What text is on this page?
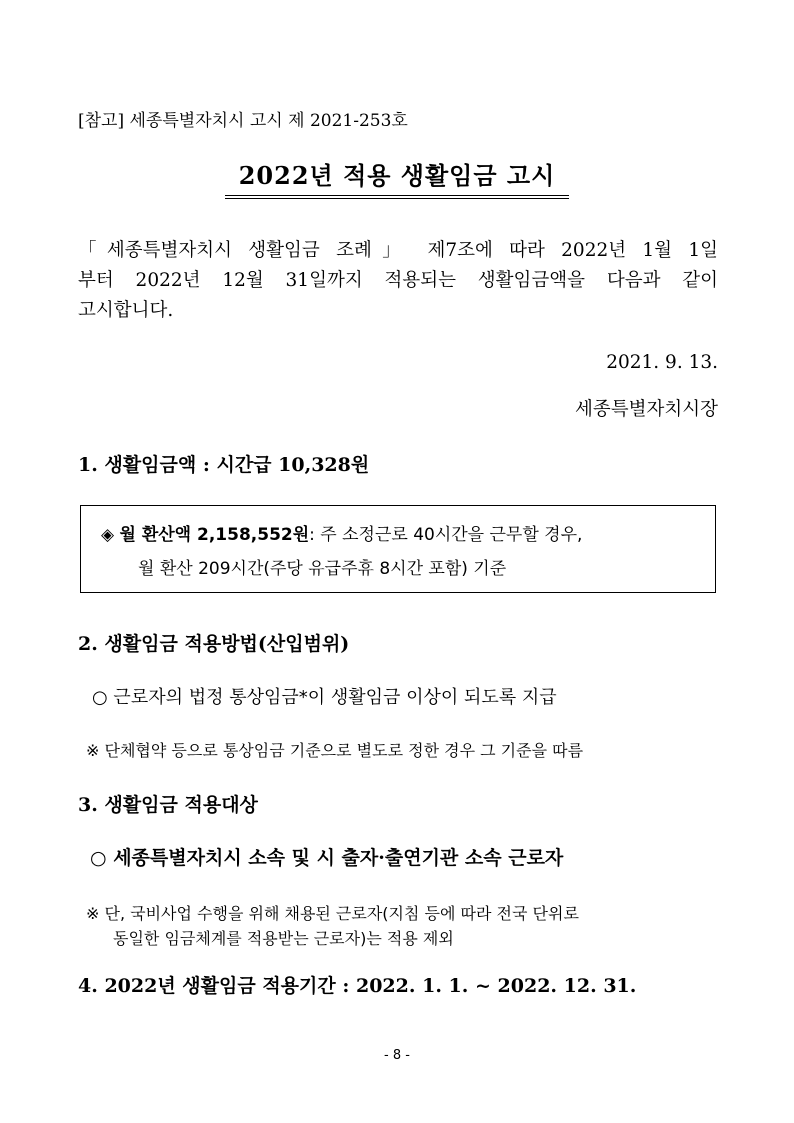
[참고] 세종특별자치시 고시 제 2021-253호
2022년 적용 생활임금 고시
「세종특별자치시 생활임금 조례」 제7조에 따라 2022년 1월 1일
부터 2022년 12월 31일까지 적용되는 생활임금액을 다음과 같이
고시합니다.
2021. 9. 13.
세종특별자치시장
1. 생활임금액 : 시간급 10,328원
◈ 월 환산액 2,158,552원: 주 소정근로 40시간을 근무할 경우,
월 환산 209시간(주당 유급주휴 8시간 포함) 기준
2. 생활임금 적용방법(산입범위)
○ 근로자의 법정 통상임금*이 생활임금 이상이 되도록 지급
※ 단체협약 등으로 통상임금 기준으로 별도로 정한 경우 그 기준을 따름
3. 생활임금 적용대상
○ 세종특별자치시 소속 및 시 출자·출연기관 소속 근로자
※ 단, 국비사업 수행을 위해 채용된 근로자(지침 등에 따라 전국 단위로
동일한 임금체계를 적용받는 근로자)는 적용 제외
4. 2022년 생활임금 적용기간 : 2022. 1. 1. ~ 2022. 12. 31.
- 8 -
